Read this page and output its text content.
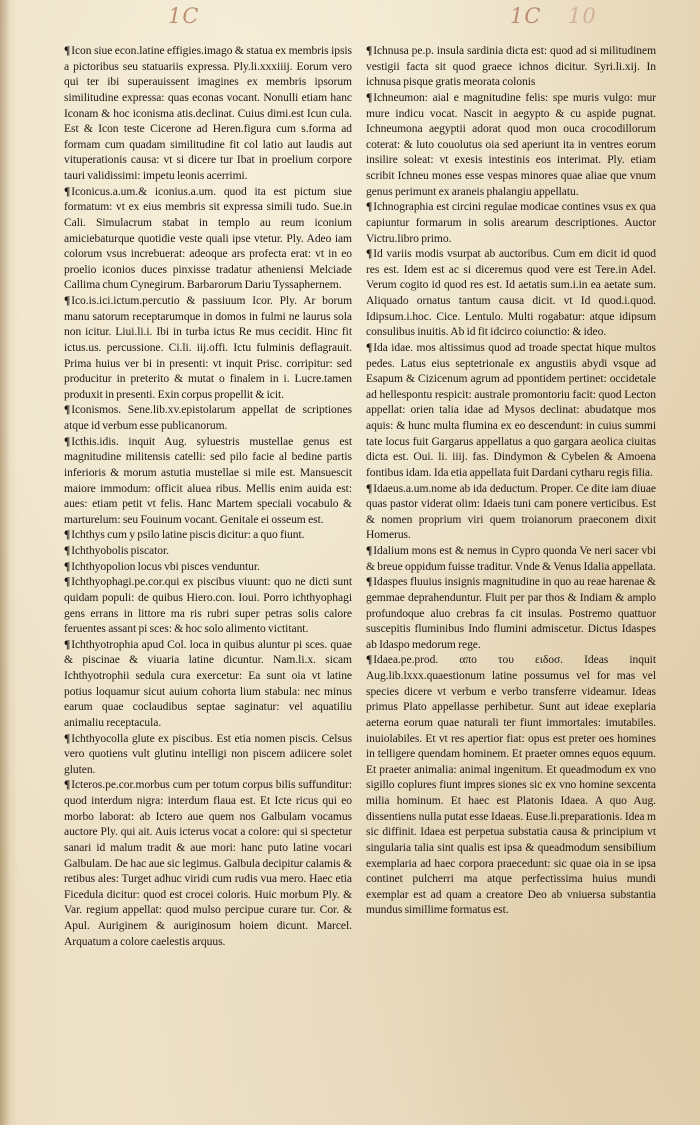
1C	1C 10

¶Icon siue econ.latine effigies.imago & statua ex membris ipsis a pictoribus seu statuariis expressa. Ply.li.xxxiiij. Eorum vero qui ter ibi superauissent imagines ex membris ipsorum similitudine expressa: quas econas vocant. Nonulli etiam hanc Iconam & hoc iconisma atis.declinat. Cuius dimi.est Icun cula. Est & Icon teste Cicerone ad Heren.figura cum s.forma ad formam cum quadam similitudine fit col latio aut laudis aut vituperationis causa: vt si dicere tur Ibat in proelium corpore tauri validissimi: impetu leonis acerrimi.

¶Iconicus.a.um.& iconius.a.um. quod ita est pictum siue formatum: vt ex eius membris sit expressa simili tudo. Sue.in Cali. Simulacrum stabat in templo au reum iconium amiciebaturque quotidie veste quali ipse vtetur. Ply. Adeo iam colorum vsus increbuerat: adeoque ars profecta erat: vt in eo proelio iconios duces pinxisse tradatur atheniensi Melciade Callima chum Cynegirum. Barbarorum Dariu Tyssaphernem.

¶Ico.is.ici.ictum.percutio & passiuum Icor. Ply. Ar borum manu satorum receptarumque in domos in fulmi ne laurus sola non icitur. Liui.li.i. Ibi in turba ictus Re mus cecidit. Hinc fit ictus.us. percussione. Ci.li. iij.offi. Ictu fulminis deflagrauit. Prima huius ver bi in presenti: vt inquit Prisc. corripitur: sed producitur in preterito & mutat o finalem in i. Lucre.tamen produxit in presenti. Exin corpus propellit & icit.

¶Iconismos. Sene.lib.xv.epistolarum appellat de scriptiones atque id verbum esse publicanorum.

¶Icthis.idis. inquit Aug. syluestris mustellae genus est magnitudine militensis catelli: sed pilo facie al bedine partis inferioris & morum astutia mustellae si mile est. Mansuescit maiore immodum: officit aluea ribus. Mellis enim auida est: aues: etiam petit vt felis. Hanc Martem speciali vocabulo & marturelum: seu Fouinum vocant. Genitale ei osseum est.

¶Ichthys cum y psilo latine piscis dicitur: a quo fiunt.

¶Ichthyobolis piscator.

¶Ichthyopolion locus vbi pisces venduntur.

¶Ichthyophagi.pe.cor.qui ex piscibus viuunt: quo ne dicti sunt quidam populi: de quibus Hiero.con. Ioui. Porro ichthyophagi gens errans in littore ma ris rubri super petras solis calore feruentes assant pi sces: & hoc solo alimento victitant.

¶Ichthyotrophia apud Col. loca in quibus aluntur pi sces. quae & piscinae & viuaria latine dicuntur. Nam.li.x. sicam Ichthyotrophii sedula cura exercetur: Ea sunt oia vt latine potius loquamur sicut auium cohorta lium stabula: nec minus earum quae coclaudibus septae saginatur: vel aquatiliu animaliu receptacula.

¶Ichthyocolla glute ex piscibus. Est etia nomen piscis. Celsus vero quotiens vult glutinu intelligi non piscem adiicere solet gluten.

¶Icteros.pe.cor.morbus cum per totum corpus bilis suffunditur: quod interdum nigra: interdum flaua est. Et Icte ricus qui eo morbo laborat: ab Ictero aue quem nos Galbulam vocamus auctore Ply. qui ait. Auis icterus vocat a colore: qui si spectetur sanari id malum tradit & aue mori: hanc puto latine vocari Galbulam. De hac aue sic legimus. Galbula decipitur calamis & retibus ales: Turget adhuc viridi cum rudis vua mero. Haec etia Ficedula dicitur: quod est crocei coloris. Huic morbum Ply. & Var. regium appellat: quod mulso percipue curare tur. Cor. & Apul. Auriginem & auriginosum hoiem dicunt. Marcel. Arquatum a colore caelestis arquus.

¶Ichnusa pe.p. insula sardinia dicta est: quod ad si militudinem vestigii facta sit quod graece ichnos dicitur. Syri.li.xij. In ichnusa pisque gratis meorata colonis

¶Ichneumon: aial e magnitudine felis: spe muris vulgo: mur mure indicu vocat. Nascit in aegypto & cu aspide pugnat. Ichneumona aegyptii adorat quod mon ouca crocodillorum coterat: & luto couolutus oia sed aperiunt ita in ventres eorum insilire soleat: vt exesis intestinis eos interimat. Ply. etiam scribit Ichneu mones esse vespas minores quae aliae que vnum genus perimunt ex araneis phalangiu appellatu.

¶Ichnographia est circini regulae modicae contines vsus ex qua capiuntur formarum in solis arearum descriptiones. Auctor Victru.libro primo.

¶Id variis modis vsurpat ab auctoribus. Cum em dicit id quod res est. Idem est ac si diceremus quod vere est Tere.in Adel. Verum cogito id quod res est. Id aetatis sum.i.in ea aetate sum. Aliquado ornatus tantum causa dicit. vt Id quod.i.quod. Idipsum.i.hoc. Cice. Lentulo. Multi rogabatur: atque idipsum consulibus inuitis. Ab id fit idcirco coiunctio: & ideo.

¶Ida idae. mos altissimus quod ad troade spectat hique multos pedes. Latus eius septetrionale ex angustiis abydi vsque ad Esapum & Cizicenum agrum ad ppontidem pertinet: occidetale ad hellespontu respicit: australe promontoriu facit: quod Lecton appellat: orien talia idae ad Mysos declinat: abudatque mos aquis: & hunc multa flumina ex eo descendunt: in cuius summi tate locus fuit Gargarus appellatus a quo gargara aeolica ciuitas dicta est. Oui. li. iiij. fas. Dindymon & Cybelen & Amoena fontibus idam. Ida etia appellata fuit Dardani cytharu regis filia.

¶Idaeus.a.um.nome ab ida deductum. Proper. Ce dite iam diuae quas pastor viderat olim: Idaeis tuni cam ponere verticibus. Est & nomen proprium viri quem troianorum praeconem dixit Homerus.

¶Idalium mons est & nemus in Cypro quonda Ve neri sacer vbi & breue oppidum fuisse traditur. Vnde & Venus Idalia appellata.

¶Idaspes fluuius insignis magnitudine in quo au reae harenae & gemmae deprahenduntur. Fluit per par thos & Indiam & amplo profundoque aluo crebras fa cit insulas. Postremo quattuor suscepitis fluminibus Indo flumini admiscetur. Dictus Idaspes ab Idaspo medorum rege.

¶Idaea.pe.prod. απο του ειδοσ. Ideas inquit Aug.lib.lxxx.quaestionum latine possumus vel for mas vel species dicere vt verbum e verbo transferre videamur. Ideas primus Plato appellasse perhibetur. Sunt aut ideae exeplaria aeterna eorum quae naturali ter fiunt immortales: imutabiles. inuiolabiles. Et vt res apertior fiat: opus est preter oes homines in telligere quendam hominem. Et praeter omnes equos equum. Et praeter animalia: animal ingenitum. Et queadmodum ex vno sigillo coplures fiunt impres siones sic ex vno homine sexcenta milia hominum. Et haec est Platonis Idaea. A quo Aug. dissentiens nulla putat esse Idaeas. Euse.li.preparationis. Idea m sic diffinit. Idaea est perpetua substatia causa & principium vt singularia talia sint qualis est ipsa & queadmodum sensibilium exemplaria ad haec corpora praecedunt: sic quae oia in se ipsa continet pulcherri ma atque perfectissima huius mundi exemplar est ad quam a creatore Deo ab vniuersa substantia mundus simillime formatus est.
